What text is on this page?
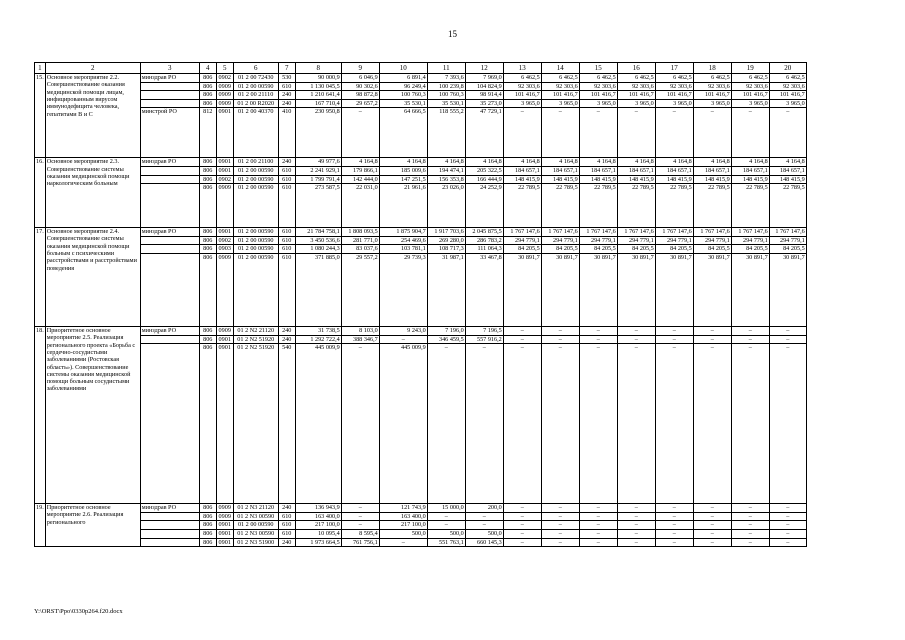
15
1	2	3	4	5	6	7	8	9	10	11	12	13	14	15	16	17	18	19	20
15.	Основное мероприятие 2.2. Совершенствование оказания медицинской помощи лицам, инфицированным вирусом иммунодефицита человека, гепатитами В и С	минздрав РО	806	0902	01 2 00 72430	530	90 000,9	6 046,9	6 891,4	7 393,6	7 969,0	6 462,5	6 462,5	6 462,5	6 462,5	6 462,5	6 462,5	6 462,5	6 462,5
			806	0909	01 2 00 00590	610	1 130 045,5	90 302,6	96 249,4	100 239,8	104 824,9	92 303,6	92 303,6	92 303,6	92 303,6	92 303,6	92 303,6	92 303,6	92 303,6
			806	0909	01 2 00 21110	240	1 210 641,4	98 872,8	100 760,3	100 760,3	98 914,4	101 416,7	101 416,7	101 416,7	101 416,7	101 416,7	101 416,7	101 416,7	101 416,7
			806	0909	01 2 00 R2020	240	167 710,4	29 657,2	35 530,1	35 530,1	35 273,0	3 965,0	3 965,0	3 965,0	3 965,0	3 965,0	3 965,0	3 965,0	3 965,0
		минстрой РО	812	0901	01 2 00 40370	410	230 950,8	–	64 666,5	118 555,2	47 729,1	–	–	–	–	–	–	–	–
16.	Основное мероприятие 2.3. Совершенствование системы оказания медицинской помощи наркологическим больным	минздрав РО	806	0901	01 2 00 21100	240	49 977,6	4 164,8	4 164,8	4 164,8	4 164,8	4 164,8	4 164,8	4 164,8	4 164,8	4 164,8	4 164,8	4 164,8	4 164,8
			806	0901	01 2 00 00590	610	2 241 929,1	179 866,1	185 009,6	194 474,1	205 322,5	184 657,1	184 657,1	184 657,1	184 657,1	184 657,1	184 657,1	184 657,1	184 657,1
			806	0902	01 2 00 00590	610	1 799 791,4	142 444,0	147 251,5	156 353,8	166 444,9	148 415,9	148 415,9	148 415,9	148 415,9	148 415,9	148 415,9	148 415,9	148 415,9
			806	0909	01 2 00 00590	610	273 587,5	22 031,0	21 961,6	23 026,0	24 252,9	22 789,5	22 789,5	22 789,5	22 789,5	22 789,5	22 789,5	22 789,5	22 789,5
17.	Основное мероприятие 2.4. Совершенствование системы оказания медицинской помощи больным с психическими расстройствами и расстройствами поведения	минздрав РО	806	0901	01 2 00 00590	610	21 784 758,1	1 808 093,5	1 875 904,7	1 917 703,6	2 045 875,5	1 767 147,6	1 767 147,6	1 767 147,6	1 767 147,6	1 767 147,6	1 767 147,6	1 767 147,6	1 767 147,6
			806	0902	01 2 00 00590	610	3 450 536,6	281 771,0	254 469,6	269 280,0	286 783,2	294 779,1	294 779,1	294 779,1	294 779,1	294 779,1	294 779,1	294 779,1	294 779,1
			806	0903	01 2 00 00590	610	1 080 244,3	83 037,6	103 781,1	108 717,3	111 064,3	84 205,5	84 205,5	84 205,5	84 205,5	84 205,5	84 205,5	84 205,5	84 205,5
			806	0909	01 2 00 00590	610	371 885,0	29 557,2	29 739,3	31 987,1	33 467,8	30 891,7	30 891,7	30 891,7	30 891,7	30 891,7	30 891,7	30 891,7	30 891,7
18.	Приоритетное основное мероприятие 2.5. Реализация регионального проекта «Борьба с сердечно-сосудистыми заболеваниями (Ростовская область»). Совершенствование системы оказания медицинской помощи больным сосудистыми заболеваниями	минздрав РО	806	0909	01 2 N2 21120	240	31 738,5	8 103,0	9 243,0	7 196,0	7 196,5	–	–	–	–	–	–	–	–
			806	0901	01 2 N2 51920	240	1 292 722,4	388 346,7	–	346 459,5	557 916,2	–	–	–	–	–	–	–	–
			806	0901	01 2 N2 51920	540	445 009,9	–	445 009,9	–	–	–	–	–	–	–	–	–	–
19.	Приоритетное основное мероприятие 2.6. Реализация регионального	минздрав РО	806	0909	01 2 N3 21120	240	136 943,9	–	121 743,9	15 000,0	200,0	–	–	–	–	–	–	–	–
			806	0909	01 2 N3 00590	610	163 400,0	–	163 400,0	–	–	–	–	–	–	–	–	–	–
			806	0901	01 2 00 00590	610	217 100,0	–	217 100,0	–	–	–	–	–	–	–	–	–	–
			806	0901	01 2 N3 00590	610	10 095,4	8 595,4	500,0	500,0	500,0	–	–	–	–	–	–	–	–
			806	0901	01 2 N3 51900	240	1 973 664,5	761 756,1	–	551 763,1	660 145,3	–	–	–	–	–	–	–	–
Y:\ORST\Ppo\0330p264.f20.docx
